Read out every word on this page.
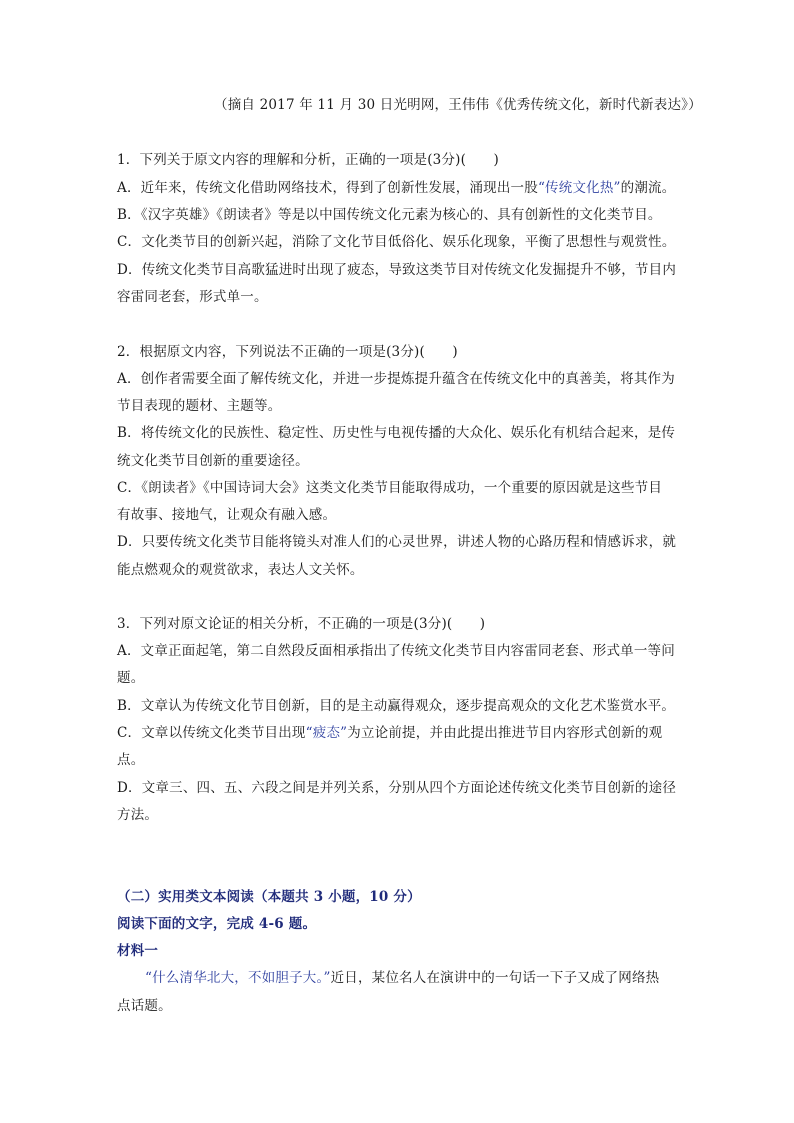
（摘自 2017 年 11 月 30 日光明网，王伟伟《优秀传统文化，新时代新表达》）
1．下列关于原文内容的理解和分析，正确的一项是(3分)(　　)
A．近年来，传统文化借助网络技术，得到了创新性发展，涌现出一股“传统文化热”的潮流。
B．《汉字英雄》《朗读者》等是以中国传统文化元素为核心的、具有创新性的文化类节目。
C．文化类节目的创新兴起，消除了文化节目低俗化、娱乐化现象，平衡了思想性与观赏性。
D．传统文化类节目高歌猛进时出现了疲态，导致这类节目对传统文化发掘提升不够，节目内
容雷同老套，形式单一。
2．根据原文内容，下列说法不正确的一项是(3分)(　　)
A．创作者需要全面了解传统文化，并进一步提炼提升蕴含在传统文化中的真善美，将其作为
节目表现的题材、主题等。
B．将传统文化的民族性、稳定性、历史性与电视传播的大众化、娱乐化有机结合起来，是传
统文化类节目创新的重要途径。
C．《朗读者》《中国诗词大会》这类文化类节目能取得成功，一个重要的原因就是这些节目
有故事、接地气，让观众有融入感。
D．只要传统文化类节目能将镜头对准人们的心灵世界，讲述人物的心路历程和情感诉求，就
能点燃观众的观赏欲求，表达人文关怀。
3．下列对原文论证的相关分析，不正确的一项是(3分)(　　)
A．文章正面起笔，第二自然段反面相承指出了传统文化类节目内容雷同老套、形式单一等问
题。
B．文章认为传统文化节目创新，目的是主动赢得观众，逐步提高观众的文化艺术鉴赏水平。
C．文章以传统文化类节目出现“疲态”为立论前提，并由此提出推进节目内容形式创新的观
点。
D．文章三、四、五、六段之间是并列关系，分别从四个方面论述传统文化类节目创新的途径
方法。
（二）实用类文本阅读（本题共 3 小题，10 分）
阅读下面的文字，完成 4-6 题。
材料一
“什么清华北大，不如胆子大。”近日，某位名人在演讲中的一句话一下子又成了网络热
点话题。
